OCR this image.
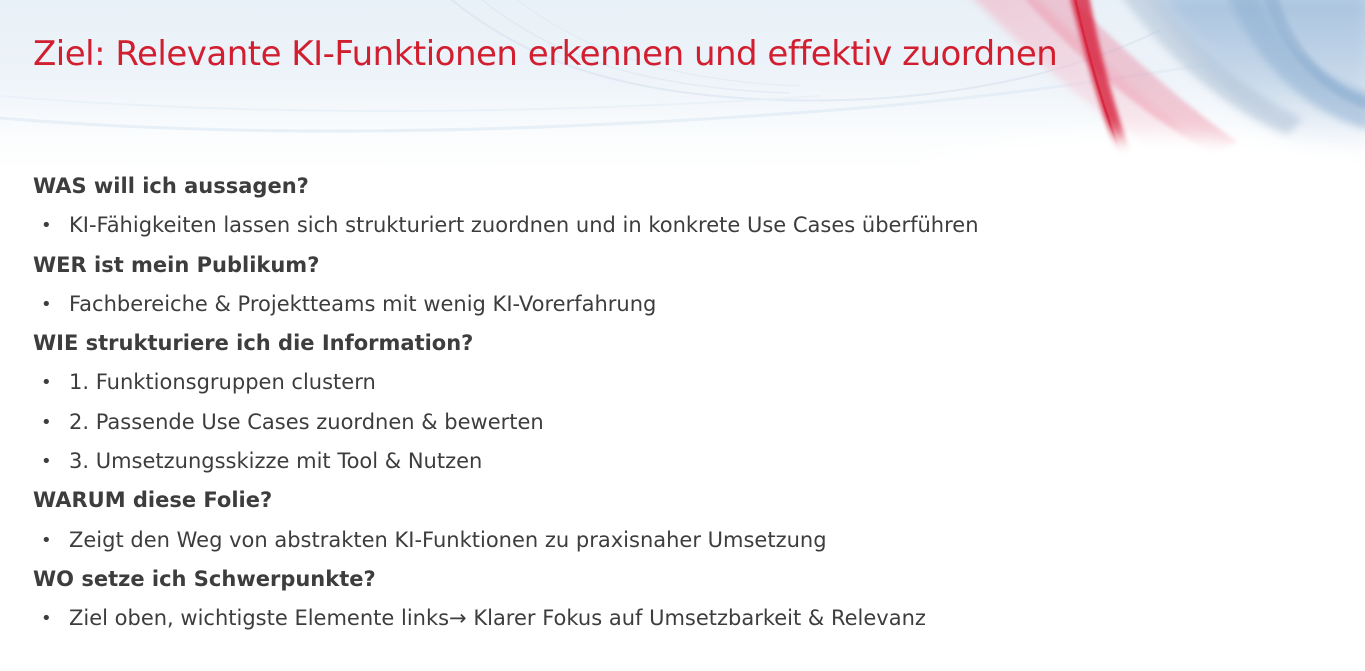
Ziel: Relevante KI-Funktionen erkennen und effektiv zuordnen
WAS will ich aussagen?
• KI-Fähigkeiten lassen sich strukturiert zuordnen und in konkrete Use Cases überführen
WER ist mein Publikum?
• Fachbereiche & Projektteams mit wenig KI-Vorerfahrung
WIE strukturiere ich die Information?
• 1. Funktionsgruppen clustern
• 2. Passende Use Cases zuordnen & bewerten
• 3. Umsetzungsskizze mit Tool & Nutzen
WARUM diese Folie?
• Zeigt den Weg von abstrakten KI-Funktionen zu praxisnaher Umsetzung
WO setze ich Schwerpunkte?
• Ziel oben, wichtigste Elemente links→ Klarer Fokus auf Umsetzbarkeit & Relevanz
